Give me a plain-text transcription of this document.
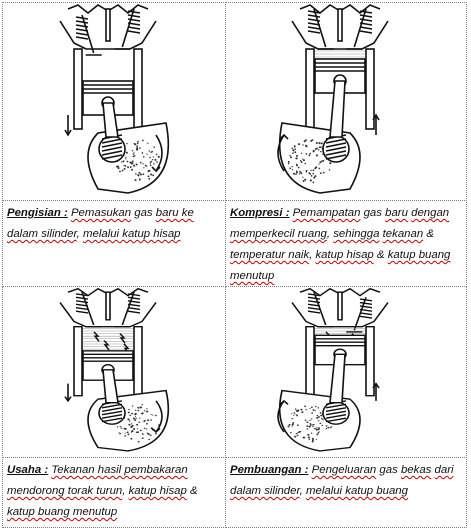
Pengisian : Pemasukan gas baru ke dalam silinder, melalui katup hisap
Kompresi : Pemampatan gas baru dengan memperkecil ruang, sehingga tekanan & temperatur naik, katup hisap & katup buang menutup
Usaha : Tekanan hasil pembakaran mendorong torak turun, katup hisap & katup buang menutup
Pembuangan : Pengeluaran gas bekas dari dalam silinder, melalui katup buang
